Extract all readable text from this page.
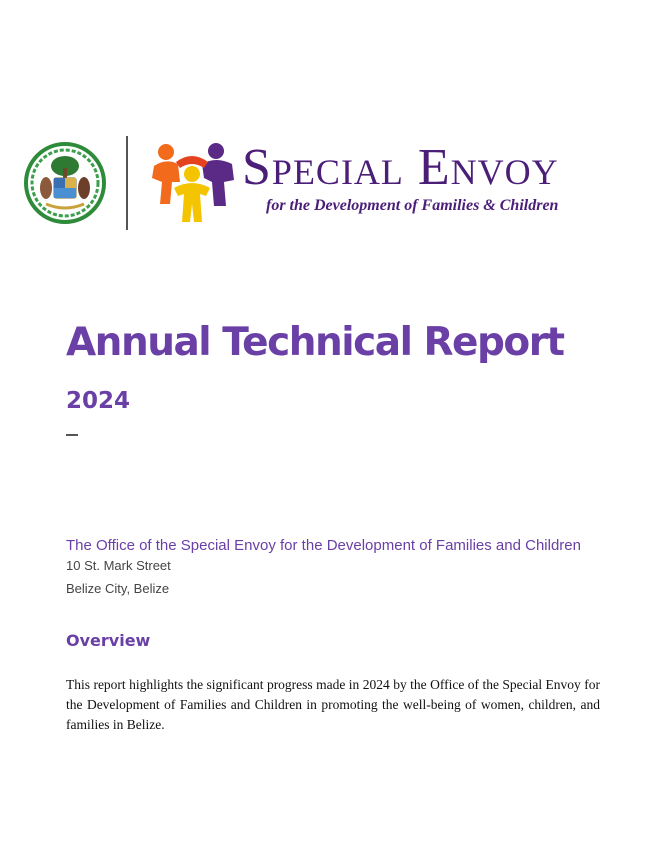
Special Envoy
for the Development of Families & Children
Annual Technical Report
2024
The Office of the Special Envoy for the Development of Families and Children
10 St. Mark Street
Belize City, Belize
Overview
This report highlights the significant progress made in 2024 by the Office of the Special Envoy for the Development of Families and Children in promoting the well-being of women, children, and families in Belize.
